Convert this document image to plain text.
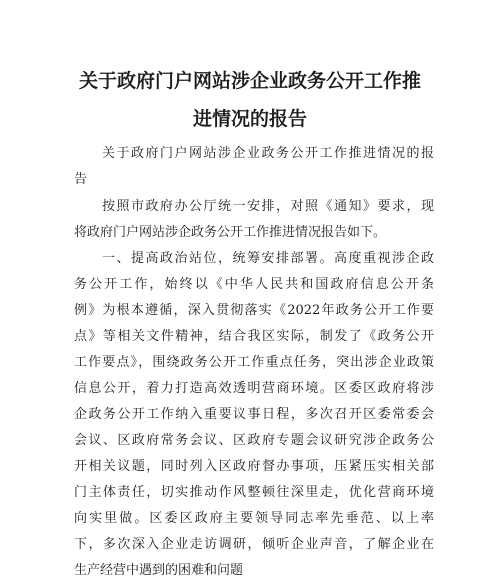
关于政府门户网站涉企业政务公开工作推
进情况的报告

关于政府门户网站涉企业政务公开工作推进情况的报

告

按照市政府办公厅统一安排，对照《通知》要求，现

将政府门户网站涉企政务公开工作推进情况报告如下。

一、提高政治站位，统筹安排部署。高度重视涉企政

务公开工作，始终以《中华人民共和国政府信息公开条

例》为根本遵循，深入贯彻落实《2022年政务公开工作要

点》等相关文件精神，结合我区实际，制发了《政务公开

工作要点》，围绕政务公开工作重点任务，突出涉企业政策

信息公开，着力打造高效透明营商环境。区委区政府将涉

企政务公开工作纳入重要议事日程，多次召开区委常委会

会议、区政府常务会议、区政府专题会议研究涉企政务公

开相关议题，同时列入区政府督办事项，压紧压实相关部

门主体责任，切实推动作风整顿往深里走，优化营商环境

向实里做。区委区政府主要领导同志率先垂范、以上率

下，多次深入企业走访调研，倾听企业声音，了解企业在

生产经营中遇到的困难和问题
